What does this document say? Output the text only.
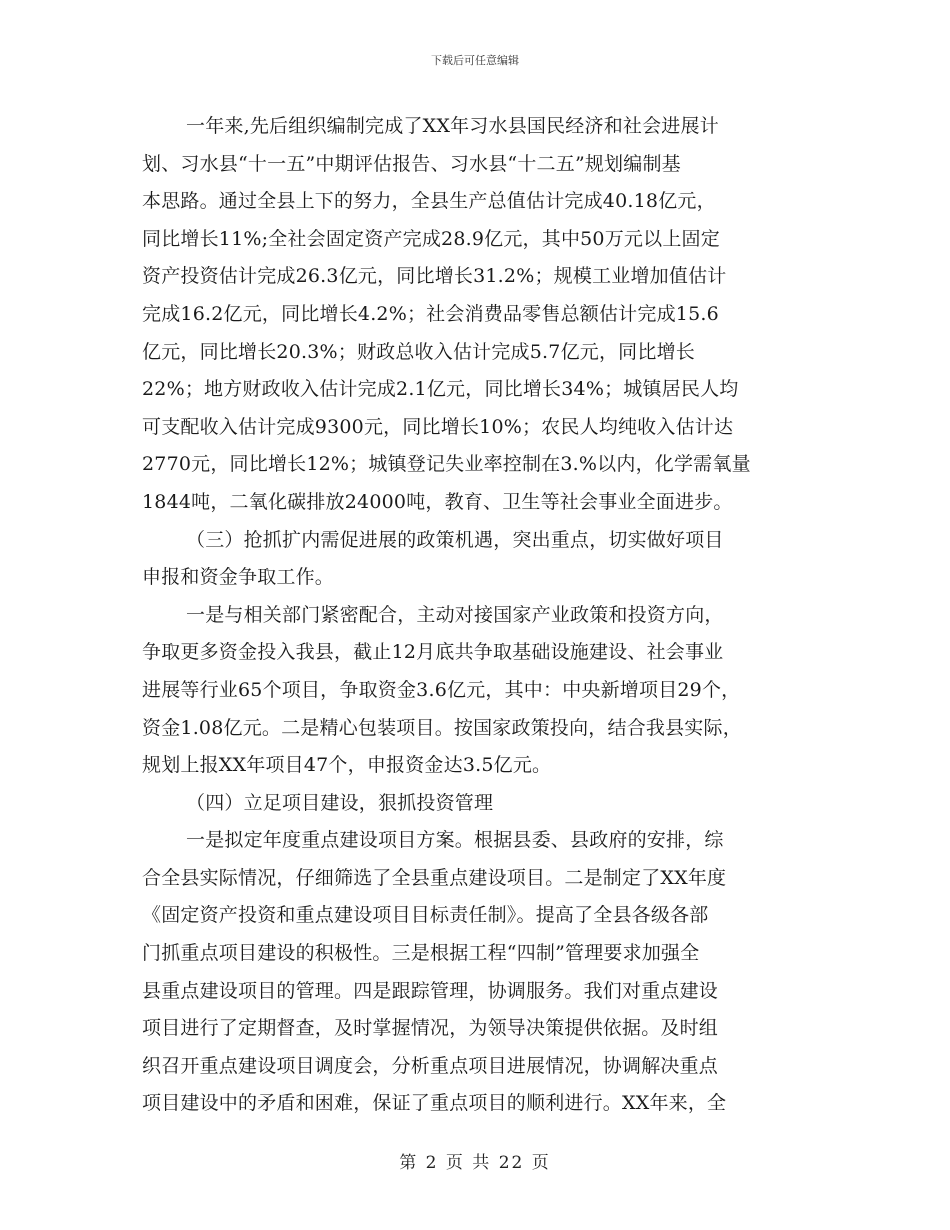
下载后可任意编辑
一年来,先后组织编制完成了XX年习水县国民经济和社会进展计
划、习水县“十一五”中期评估报告、习水县“十二五”规划编制基
本思路。通过全县上下的努力，全县生产总值估计完成40.18亿元，
同比增长11%;全社会固定资产完成28.9亿元，其中50万元以上固定
资产投资估计完成26.3亿元，同比增长31.2%；规模工业增加值估计
完成16.2亿元，同比增长4.2%；社会消费品零售总额估计完成15.6
亿元，同比增长20.3%；财政总收入估计完成5.7亿元，同比增长
22%；地方财政收入估计完成2.1亿元，同比增长34%；城镇居民人均
可支配收入估计完成9300元，同比增长10%；农民人均纯收入估计达
2770元，同比增长12%；城镇登记失业率控制在3.%以内，化学需氧量
1844吨，二氧化碳排放24000吨，教育、卫生等社会事业全面进步。
（三）抢抓扩内需促进展的政策机遇，突出重点，切实做好项目
申报和资金争取工作。
一是与相关部门紧密配合，主动对接国家产业政策和投资方向，
争取更多资金投入我县，截止12月底共争取基础设施建设、社会事业
进展等行业65个项目，争取资金3.6亿元，其中：中央新增项目29个，
资金1.08亿元。二是精心包装项目。按国家政策投向，结合我县实际，
规划上报XX年项目47个，申报资金达3.5亿元。
（四）立足项目建设，狠抓投资管理
一是拟定年度重点建设项目方案。根据县委、县政府的安排，综
合全县实际情况，仔细筛选了全县重点建设项目。二是制定了XX年度
《固定资产投资和重点建设项目目标责任制》。提高了全县各级各部
门抓重点项目建设的积极性。三是根据工程“四制”管理要求加强全
县重点建设项目的管理。四是跟踪管理，协调服务。我们对重点建设
项目进行了定期督查，及时掌握情况，为领导决策提供依据。及时组
织召开重点建设项目调度会，分析重点项目进展情况，协调解决重点
项目建设中的矛盾和困难，保证了重点项目的顺利进行。XX年来，全
第 2 页 共 22 页
